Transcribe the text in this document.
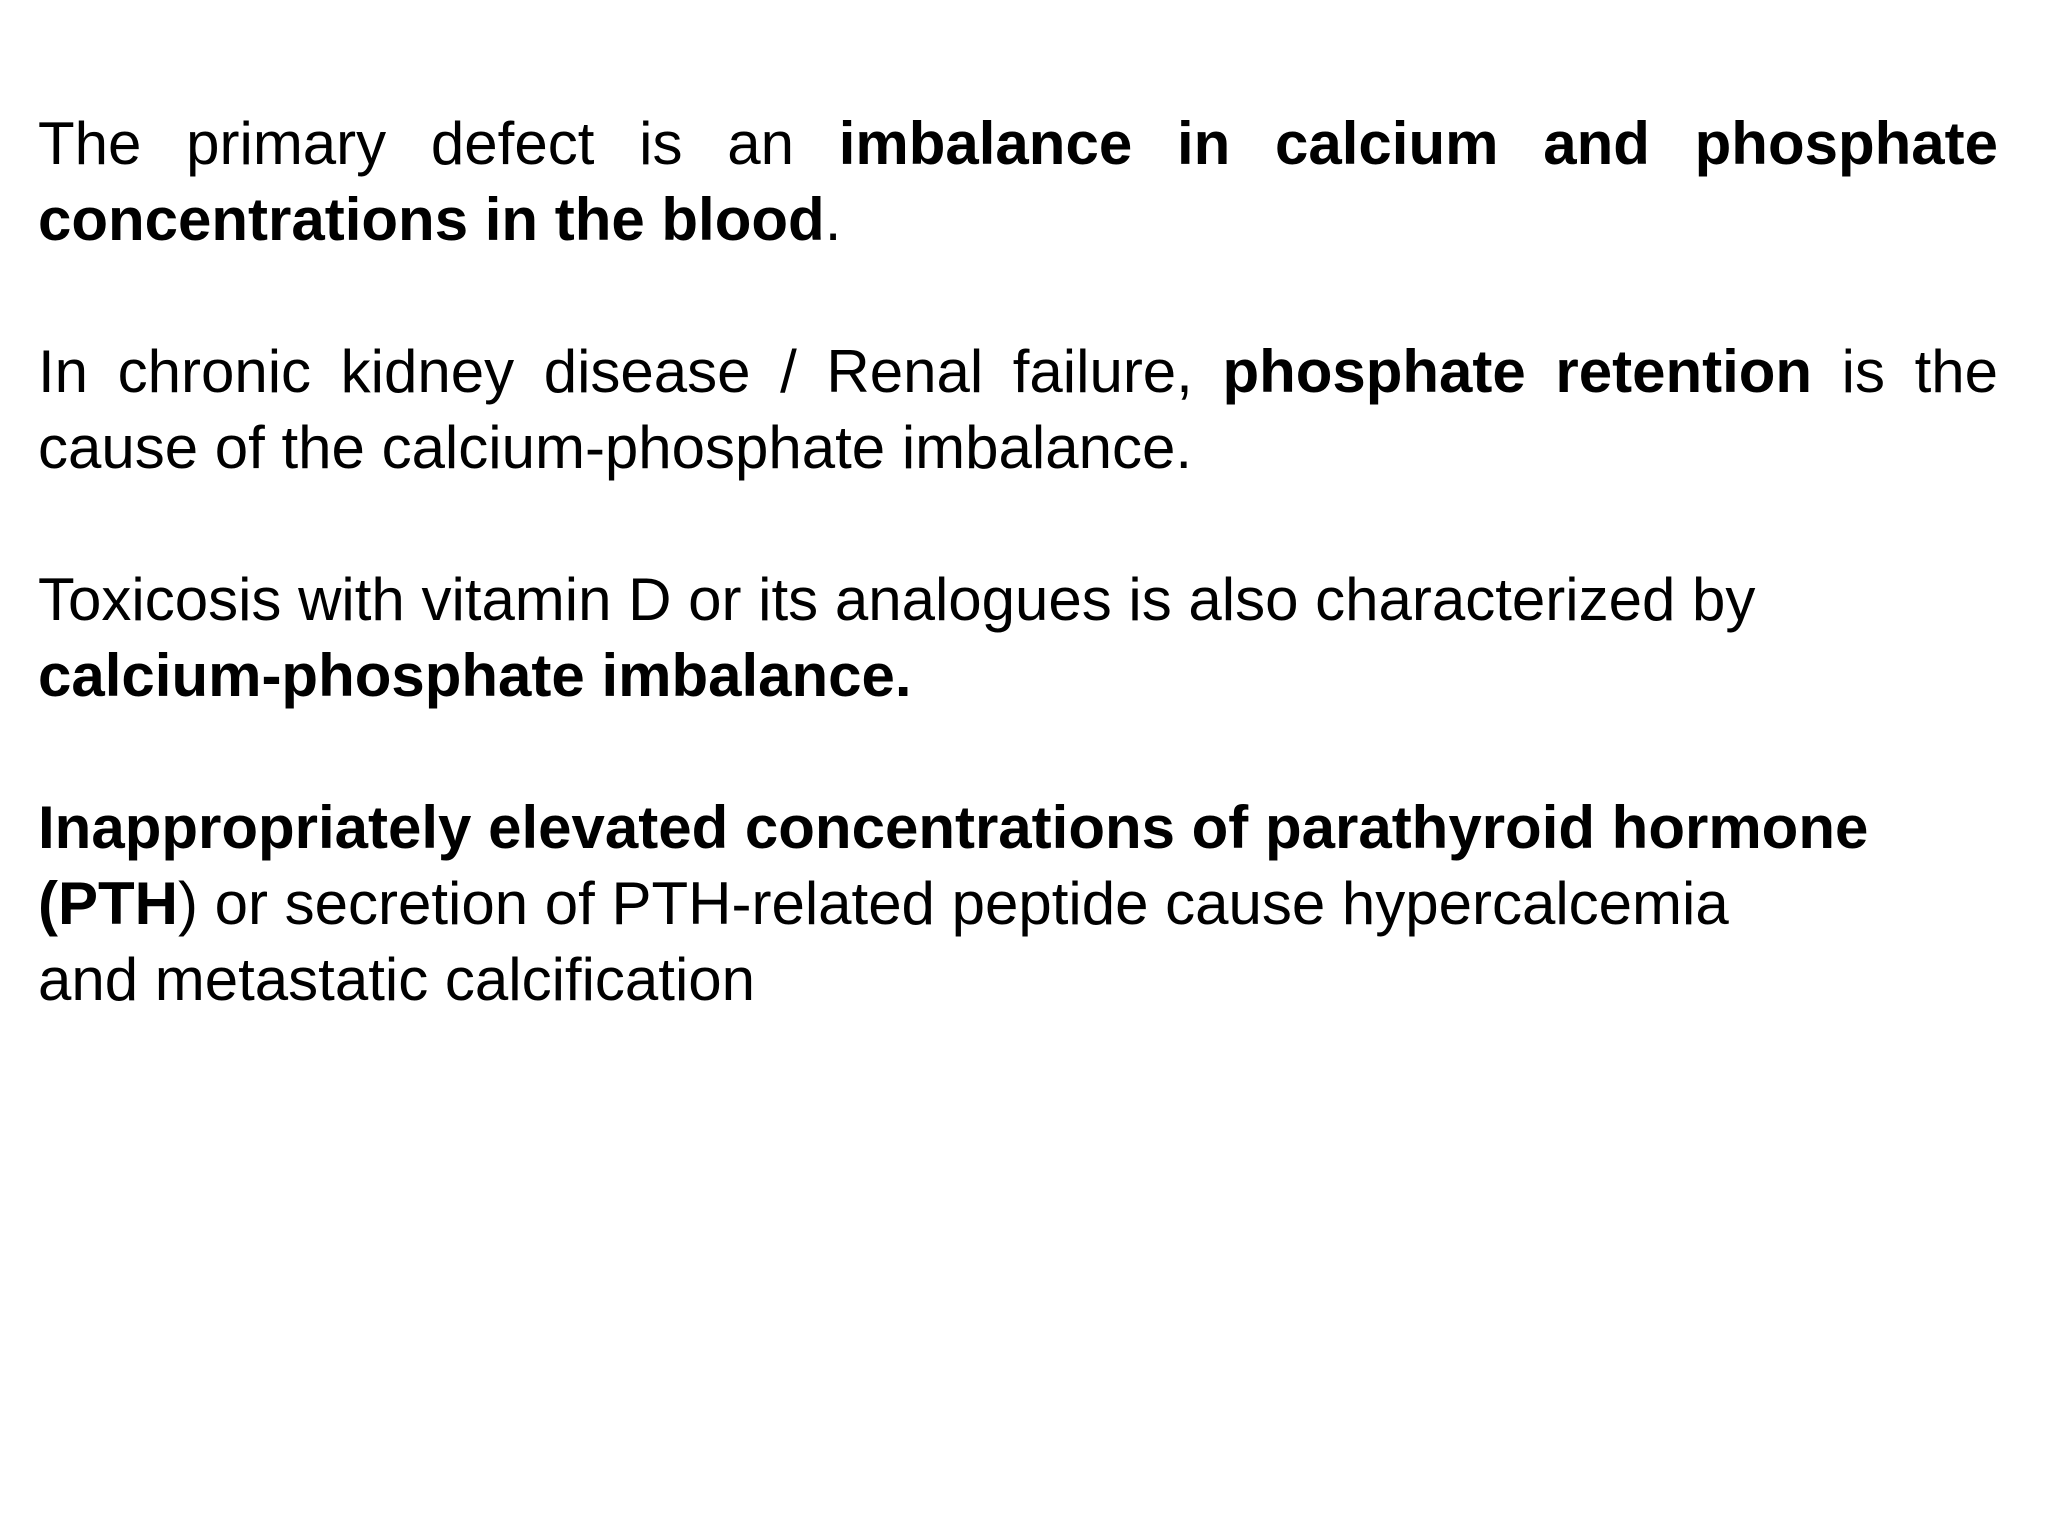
The primary defect is an imbalance in calcium and phosphate concentrations in the blood.

In chronic kidney disease / Renal failure, phosphate retention is the cause of the calcium-phosphate imbalance.

Toxicosis with vitamin D or its analogues is also characterized by
calcium-phosphate imbalance.

Inappropriately elevated concentrations of parathyroid hormone
(PTH) or secretion of PTH-related peptide cause hypercalcemia
and metastatic calcification
